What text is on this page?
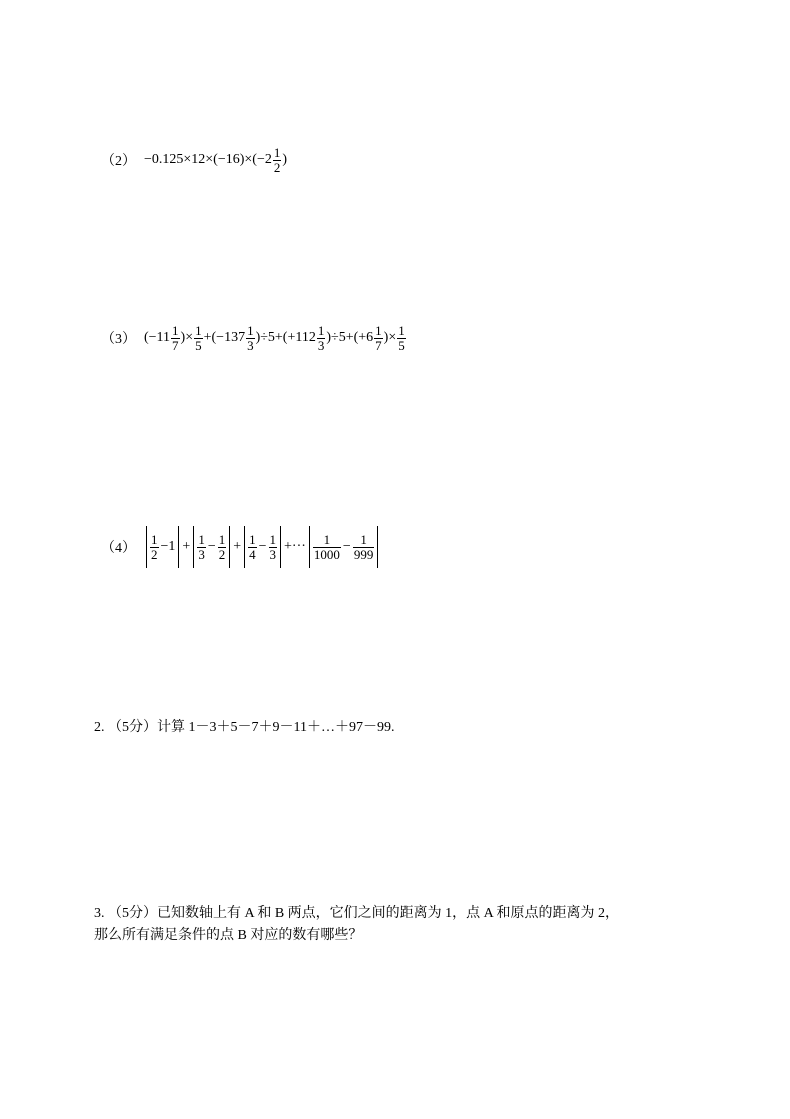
$(2) -0.125\times 12\times(-16)\times(-2 \frac{1}{2}$ )
（3） ($-11 \frac{1}{7}$ )× $\frac{1}{5} +(-137 \frac{1}{3} )\div 5+(+112 \frac{1}{3} )\div 5+(+6 \frac{1}{7}$ )× $\frac{1}{5}$
$(4) \frac{1}{2} -1 + \frac{1}{3} - \frac{1}{2} + \frac{1}{4} - \frac{1}{3}$ +··· $\frac{1}{1000} - \frac{1}{999}$

2. （5分）计算 1－3＋5－7＋9－11＋…＋97－99.

3. （5分）已知数轴上有 A 和 B 两点，它们之间的距离为 1，点 A 和原点的距离为 2，

那么所有满足条件的点 B 对应的数有哪些？
